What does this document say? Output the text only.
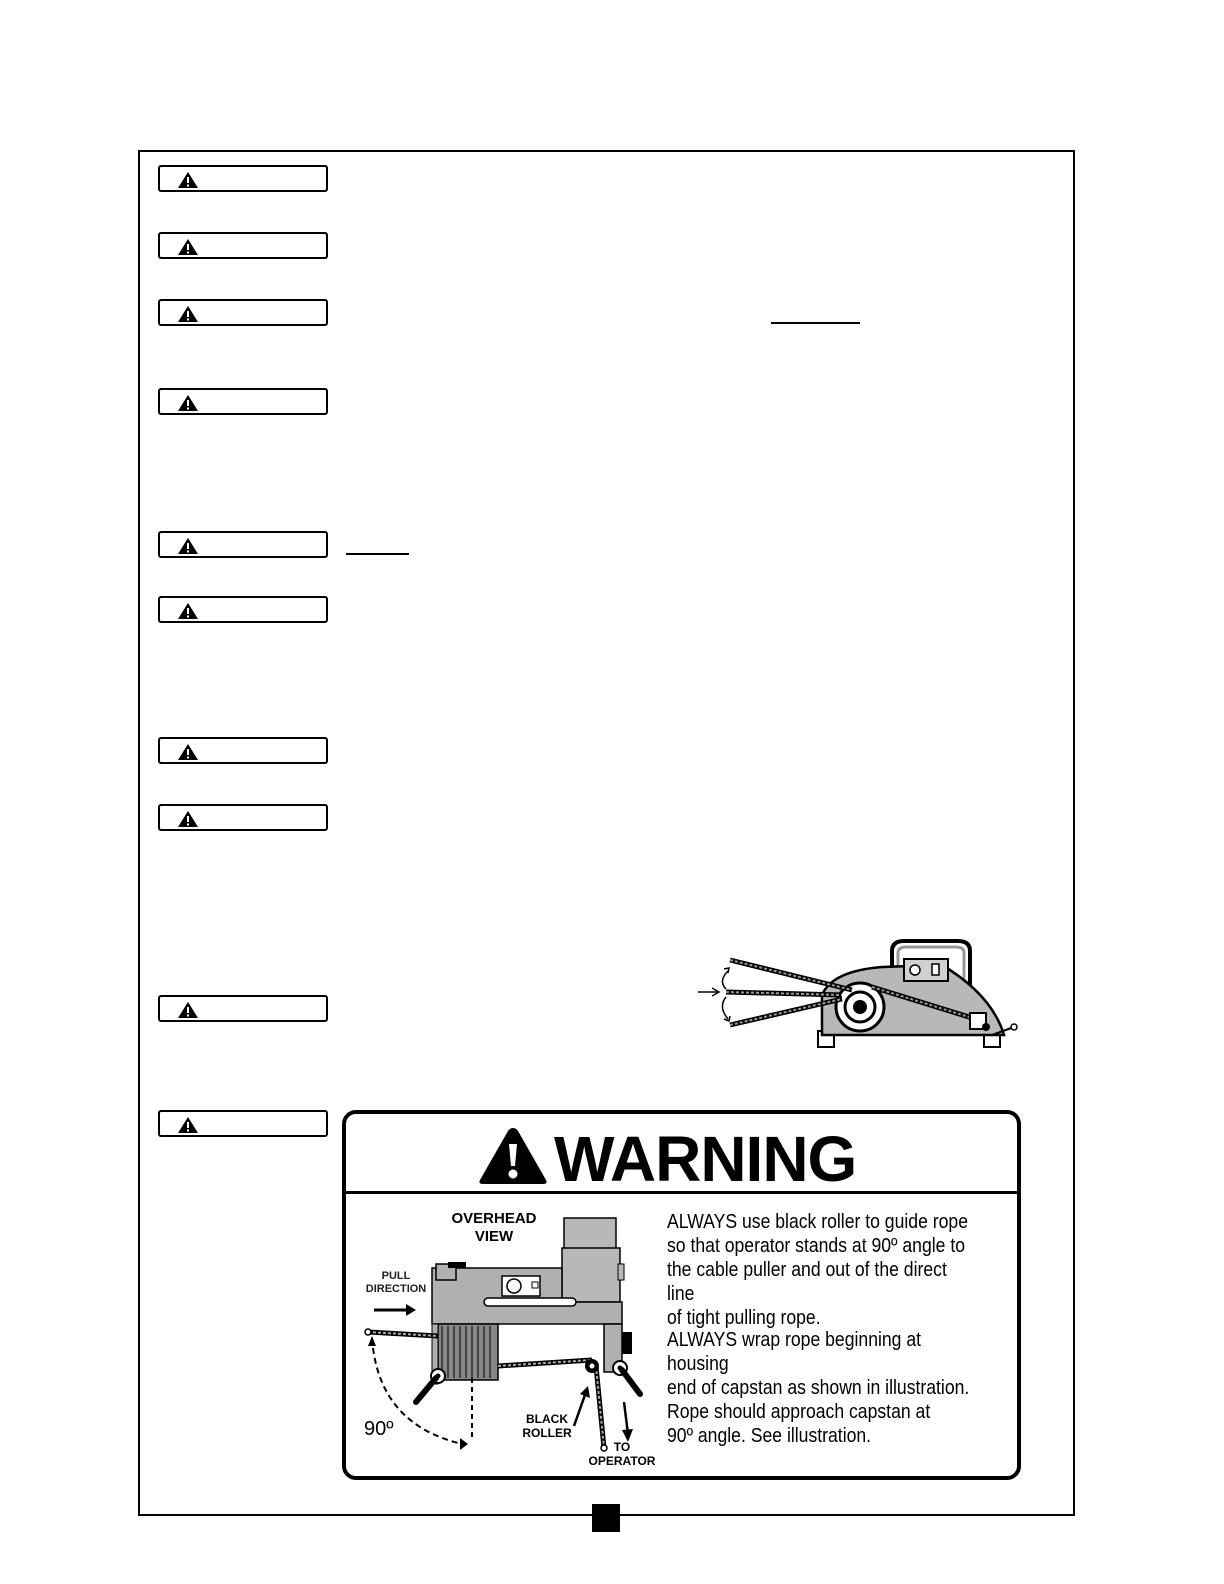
WARNING
OVERHEAD
VIEW
PULL
DIRECTION
BLACK
ROLLER
TO
OPERATOR
90º
ALWAYS use black roller to guide rope
so that operator stands at 90º angle to
the cable puller and out of the direct line
of tight pulling rope.
ALWAYS wrap rope beginning at housing
end of capstan as shown in illustration.
Rope should approach capstan at
90º angle. See illustration.
